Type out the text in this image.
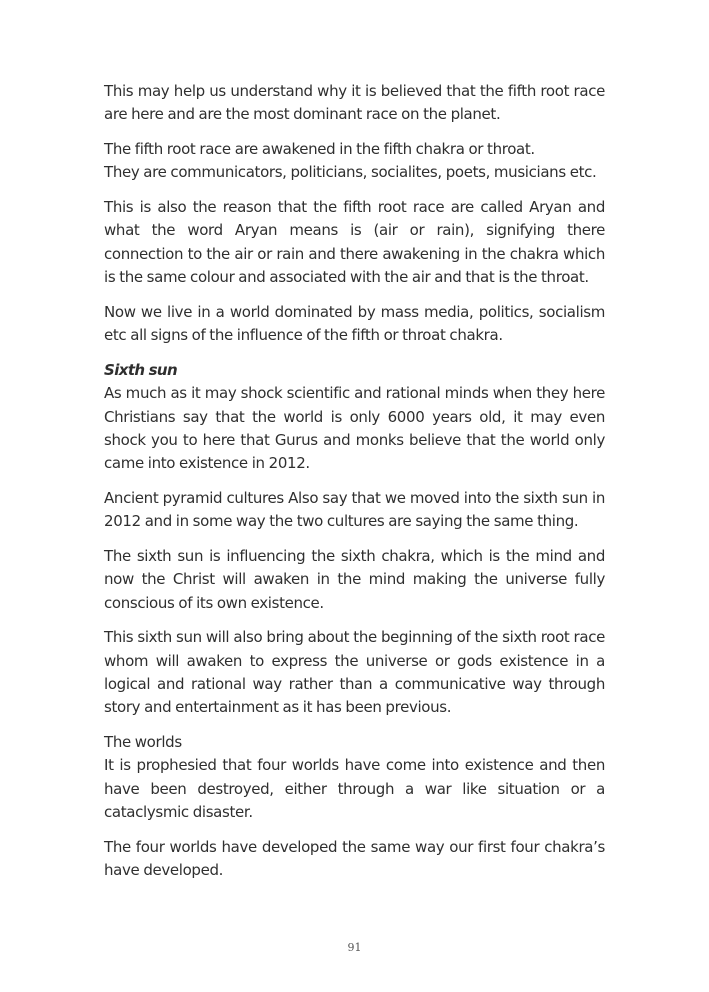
This may help us understand why it is believed that the fifth root race are here and are the most dominant race on the planet.

The fifth root race are awakened in the fifth chakra or throat.
They are communicators, politicians, socialites, poets, musicians etc.

This is also the reason that the fifth root race are called Aryan and what the word Aryan means is (air or rain), signifying there connection to the air or rain and there awakening in the chakra which is the same colour and associated with the air and that is the throat.

Now we live in a world dominated by mass media, politics, socialism etc all signs of the influence of the fifth or throat chakra.

Sixth sun
As much as it may shock scientific and rational minds when they here Christians say that the world is only 6000 years old, it may even shock you to here that Gurus and monks believe that the world only came into existence in 2012.

Ancient pyramid cultures Also say that we moved into the sixth sun in 2012 and in some way the two cultures are saying the same thing.

The sixth sun is influencing the sixth chakra, which is the mind and now the Christ will awaken in the mind making the universe fully conscious of its own existence.

This sixth sun will also bring about the beginning of the sixth root race whom will awaken to express the universe or gods existence in a logical and rational way rather than a communicative way through story and entertainment as it has been previous.

The worlds
It is prophesied that four worlds have come into existence and then have been destroyed, either through a war like situation or a cataclysmic disaster.

The four worlds have developed the same way our first four chakra’s have developed.

91
